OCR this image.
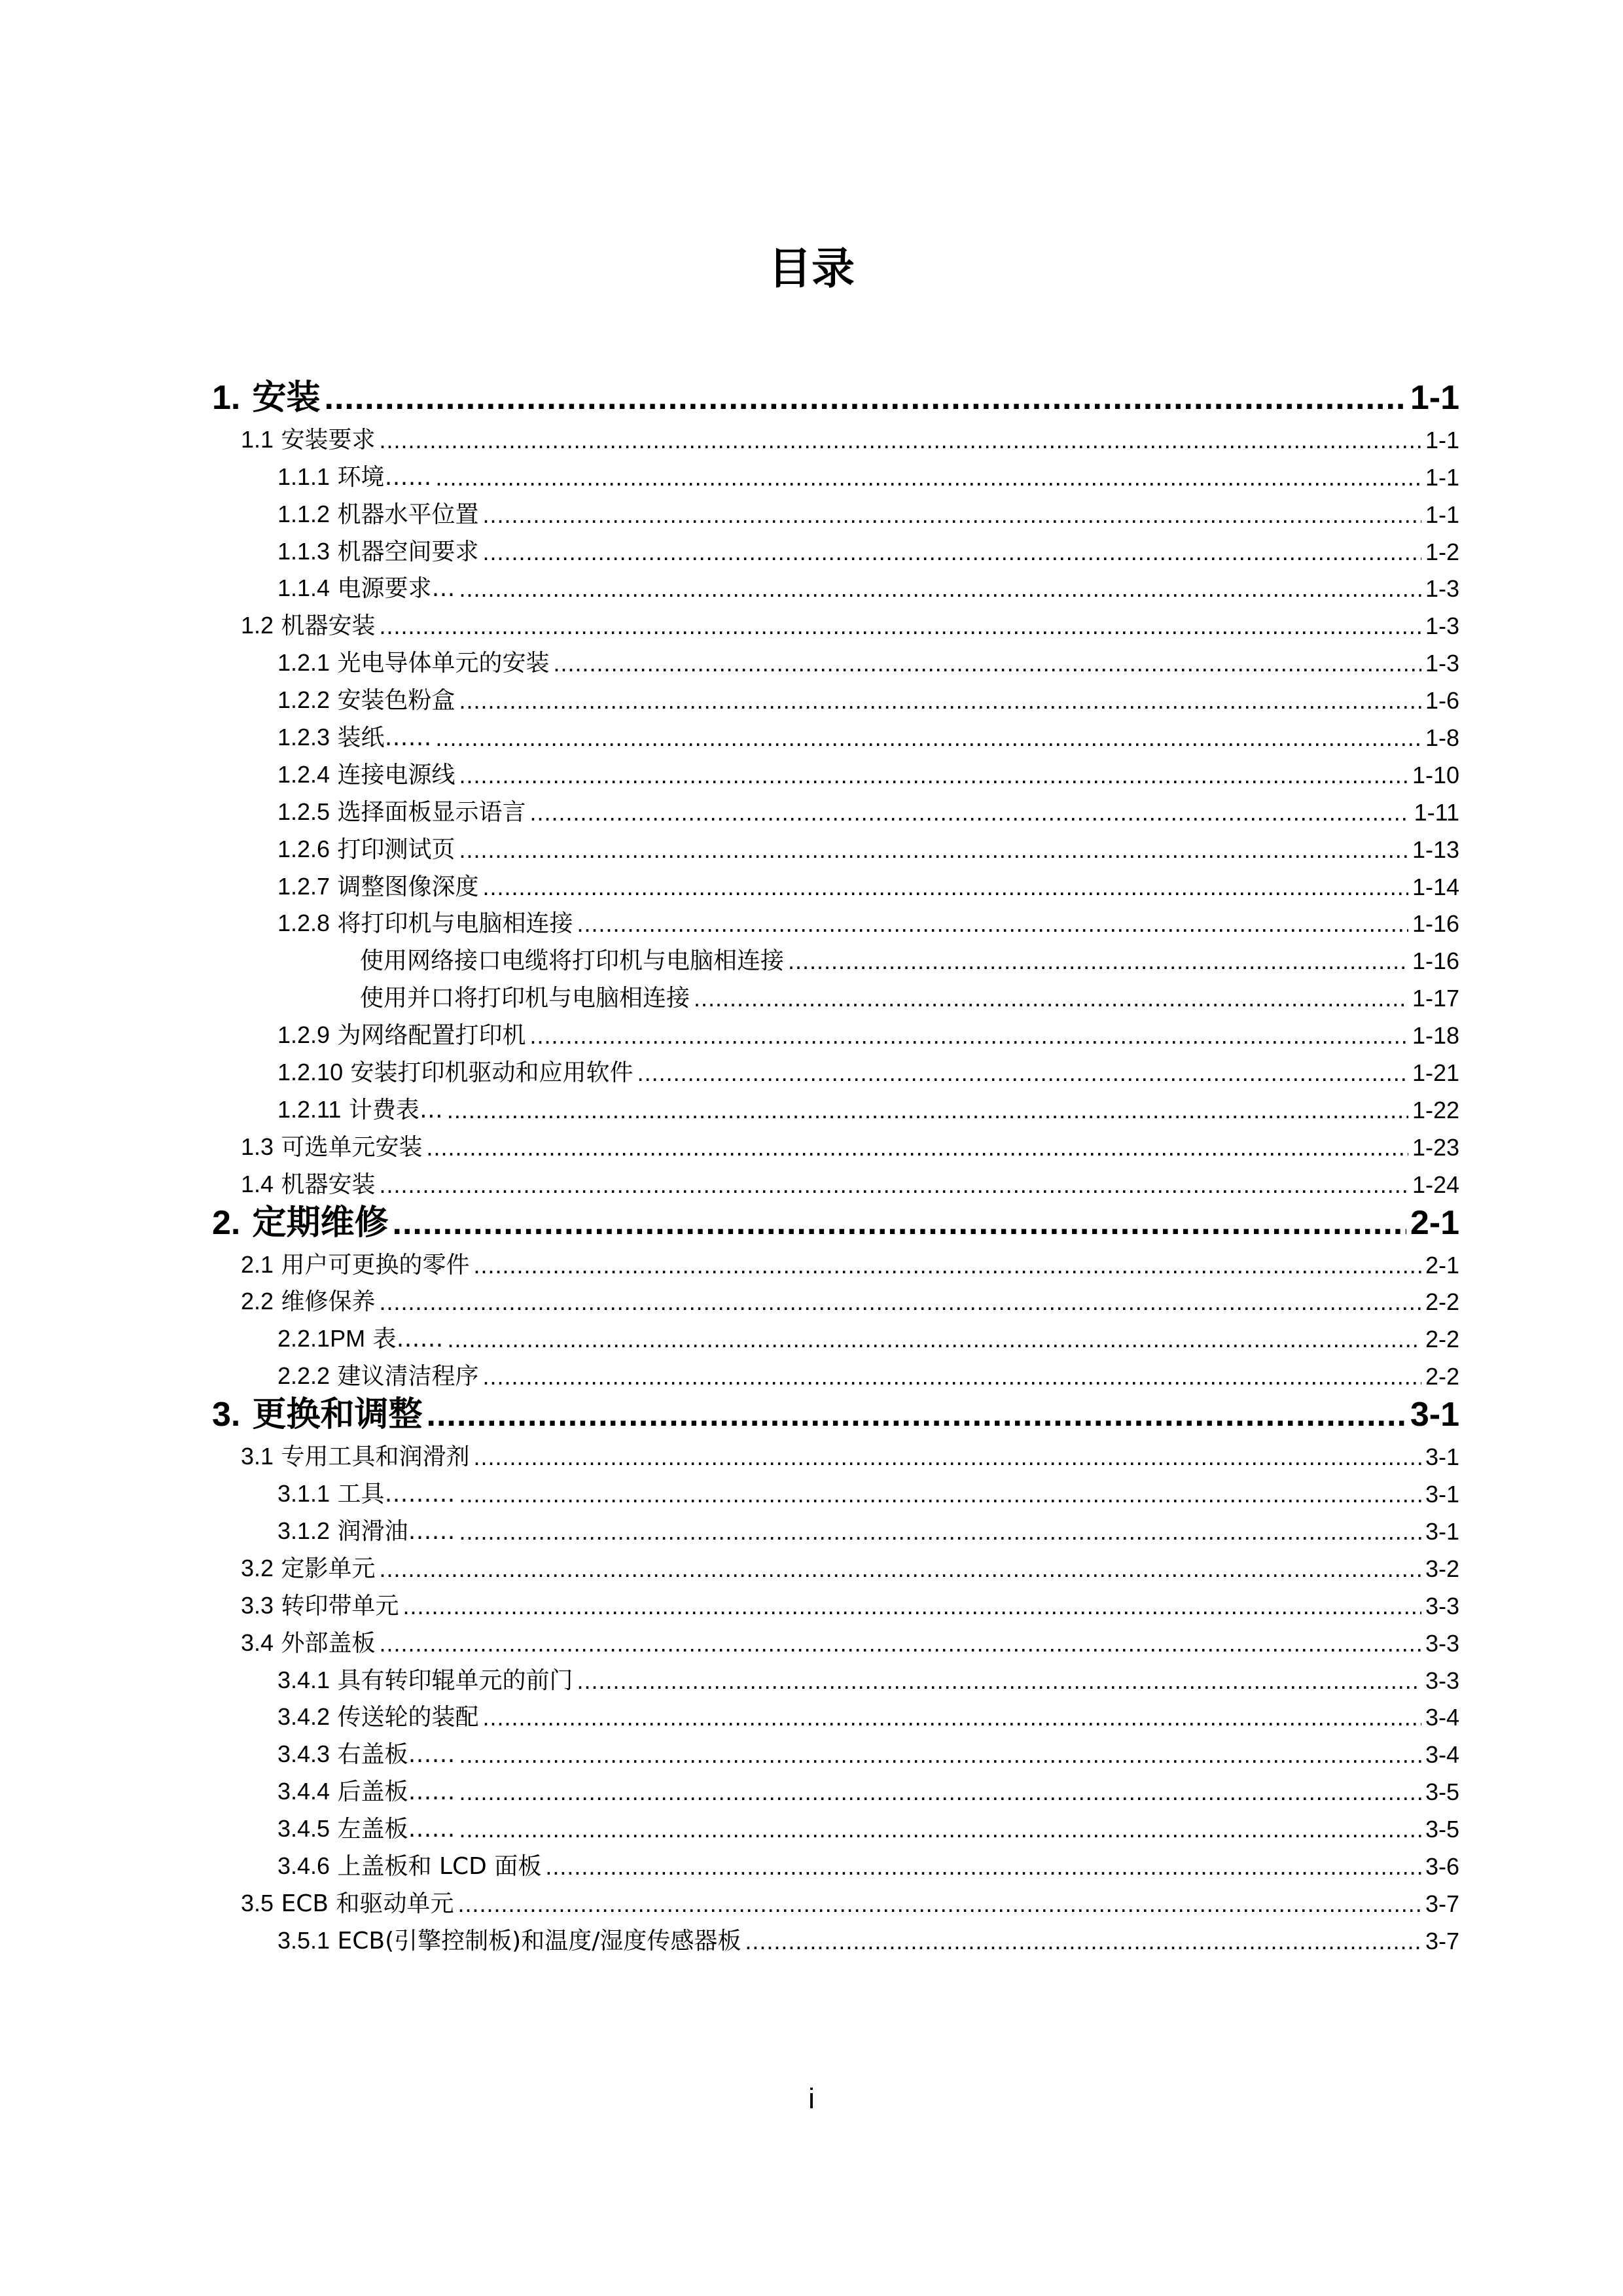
目录
1. 安装 .....	1-1
1.1 安装要求 .....	1-1
1.1.1 环境…… .....	1-1
1.1.2 机器水平位置 .....	1-1
1.1.3 机器空间要求 .....	1-2
1.1.4 电源要求… .....	1-3
1.2 机器安装 .....	1-3
1.2.1 光电导体单元的安装 .....	1-3
1.2.2 安装色粉盒 .....	1-6
1.2.3 装纸…… .....	1-8
1.2.4 连接电源线 .....	1-10
1.2.5 选择面板显示语言 .....	1-11
1.2.6 打印测试页 .....	1-13
1.2.7 调整图像深度 .....	1-14
1.2.8 将打印机与电脑相连接 .....	1-16
使用网络接口电缆将打印机与电脑相连接 .....	1-16
使用并口将打印机与电脑相连接 .....	1-17
1.2.9 为网络配置打印机 .....	1-18
1.2.10 安装打印机驱动和应用软件 .....	1-21
1.2.11 计费表… .....	1-22
1.3 可选单元安装 .....	1-23
1.4 机器安装 .....	1-24
2. 定期维修 .....	2-1
2.1 用户可更换的零件 .....	2-1
2.2 维修保养 .....	2-2
2.2.1PM 表…… .....	2-2
2.2.2 建议清洁程序 .....	2-2
3. 更换和调整 .....	3-1
3.1 专用工具和润滑剂 .....	3-1
3.1.1 工具……… .....	3-1
3.1.2 润滑油…… .....	3-1
3.2 定影单元 .....	3-2
3.3 转印带单元 .....	3-3
3.4 外部盖板 .....	3-3
3.4.1 具有转印辊单元的前门 .....	3-3
3.4.2 传送轮的装配 .....	3-4
3.4.3 右盖板…… .....	3-4
3.4.4 后盖板…… .....	3-5
3.4.5 左盖板…… .....	3-5
3.4.6 上盖板和 LCD 面板 .....	3-6
3.5 ECB 和驱动单元 .....	3-7
3.5.1 ECB(引擎控制板)和温度/湿度传感器板 .....	3-7
i
